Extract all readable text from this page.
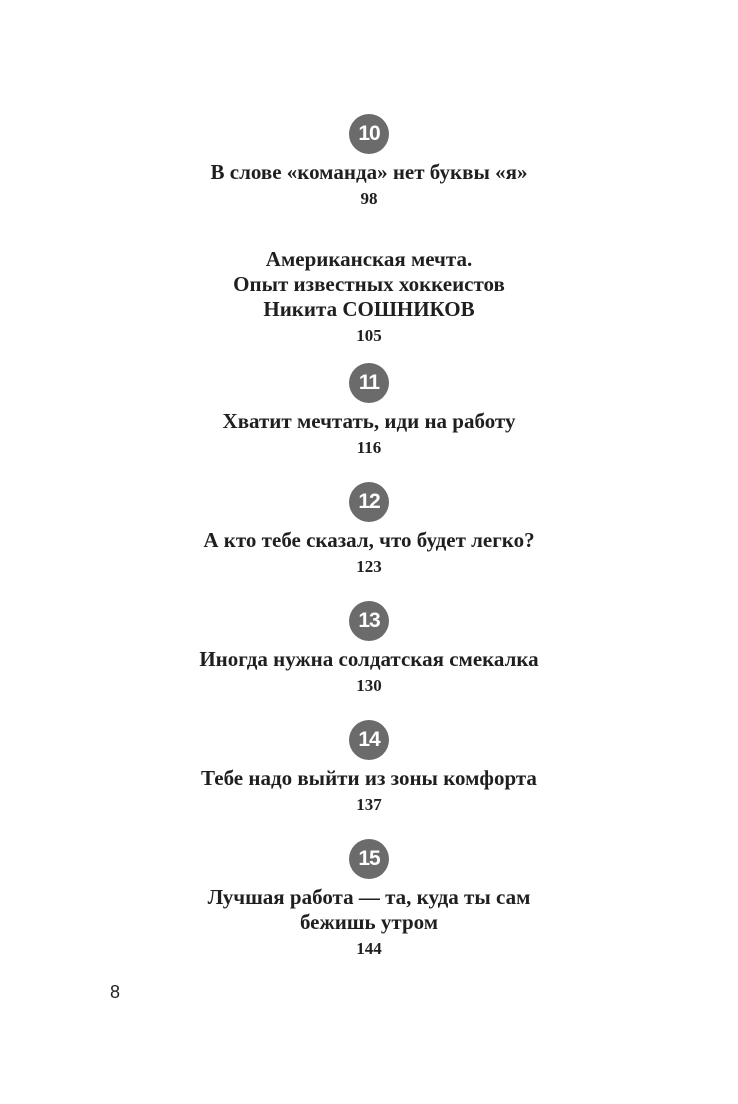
10
В слове «команда» нет буквы «я»
98
Американская мечта.
Опыт известных хоккеистов
Никита СОШНИКОВ
105
11
Хватит мечтать, иди на работу
116
12
А кто тебе сказал, что будет легко?
123
13
Иногда нужна солдатская смекалка
130
14
Тебе надо выйти из зоны комфорта
137
15
Лучшая работа — та, куда ты сам
бежишь утром
144
8
